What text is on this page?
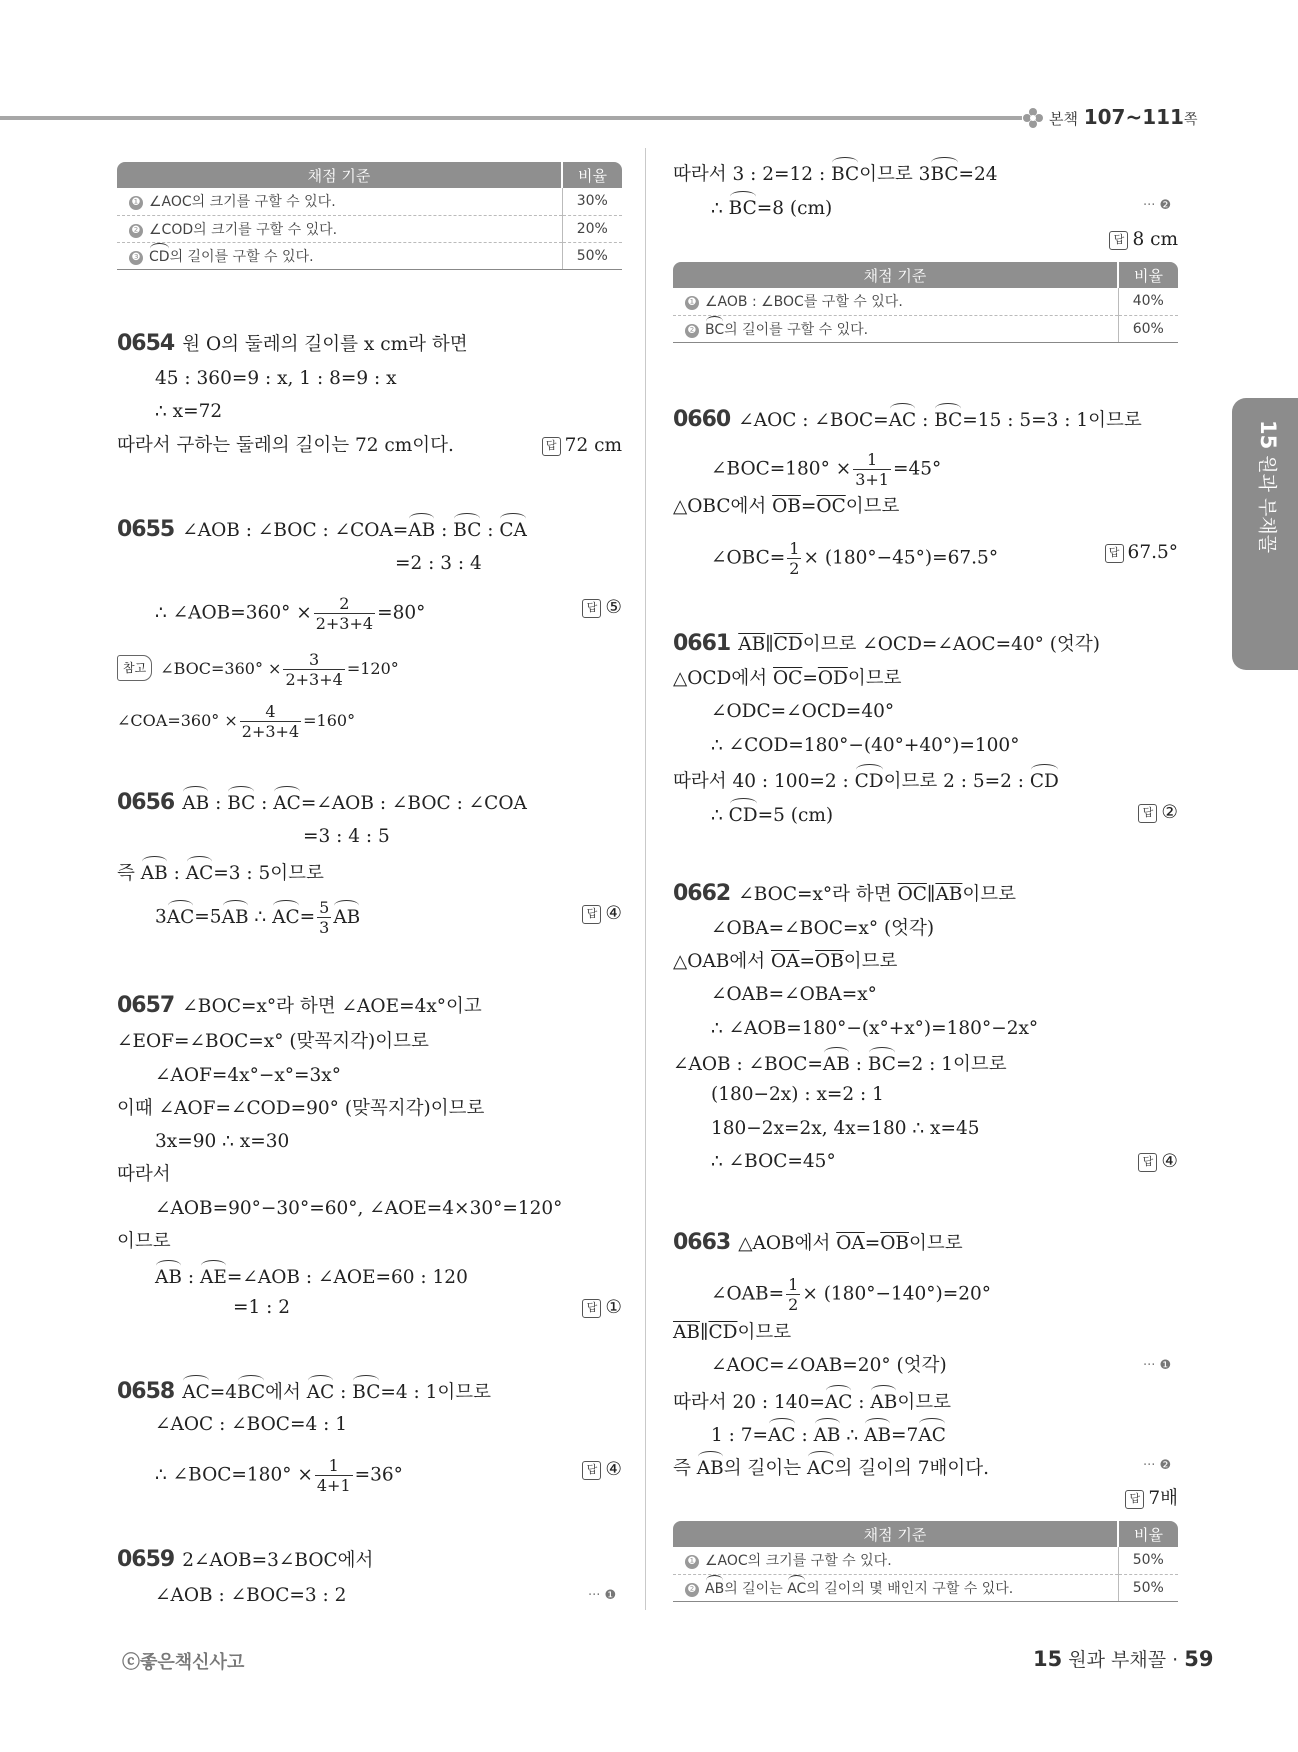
본책 107~111쪽
15 원과 부채꼴
채점 기준	비율
❶ ∠AOC의 크기를 구할 수 있다.	30%
❷ ∠COD의 크기를 구할 수 있다.	20%
❸ CD의 길이를 구할 수 있다.	50%
0654 원 O의 둘레의 길이를 x cm라 하면
45 : 360=9 : x, 1 : 8=9 : x
∴ x=72
따라서 구하는 둘레의 길이는 72 cm이다.	답 72 cm
0655 ∠AOB : ∠BOC : ∠COA=AB : BC : CA
=2 : 3 : 4
∴ ∠AOB=360° × $\frac{2}{2+3+4} =80^\circ$	답 ⑤
참고 ∠BOC=360° × $\frac{3}{2+3+4} =120^\circ$
∠COA=360° × $\frac{4}{2+3+4} =160^\circ$
0656 AB : BC : AC=∠AOB : ∠BOC : ∠COA
=3 : 4 : 5
즉 AB : AC=3 : 5이므로
3AC=5AB ∴ $AC= \frac{5}{3}$ AB	답 ④
0657 ∠BOC=x°라 하면 ∠AOE=4x°이고
∠EOF=∠BOC=x° (맞꼭지각)이므로
∠AOF=4x°−x°=3x°
이때 ∠AOF=∠COD=90° (맞꼭지각)이므로
3x=90 ∴ x=30
따라서
∠AOB=90°−30°=60°, ∠AOE=4×30°=120°
이므로
AB : AE=∠AOB : ∠AOE=60 : 120
=1 : 2	답 ①
0658 AC=4BC에서 AC : BC=4 : 1이므로
∠AOC : ∠BOC=4 : 1
∴ ∠BOC=180° × $\frac{1}{4+1} =36^\circ$	답 ④
0659 2∠AOB=3∠BOC에서
∠AOB : ∠BOC=3 : 2	··· ❶
따라서 3 : 2=12 : BC이므로 3BC=24
∴ BC=8 (cm)	··· ❷
답 8 cm
채점 기준	비율
❶ ∠AOB : ∠BOC를 구할 수 있다.	40%
❷ BC의 길이를 구할 수 있다.	60%
0660 ∠AOC : ∠BOC=AC : BC=15 : 5=3 : 1이므로
∠BOC=180° × $\frac{1}{3+1} =45^\circ$
△OBC에서 $\overline{OB}=\overline{OC}$이므로
∠OBC= $\frac{1}{2} \times (180^\circ-45^\circ)=67.5^\circ$	답 67.5°
0661 $\overline{AB}\parallel\overline{CD}$이므로 ∠OCD=∠AOC=40° (엇각)
△OCD에서 $\overline{OC}=\overline{OD}$이므로
∠ODC=∠OCD=40°
∴ ∠COD=180°−(40°+40°)=100°
따라서 40 : 100=2 : CD이므로 2 : 5=2 : CD
∴ CD=5 (cm)	답 ②
0662 ∠BOC=x°라 하면 $\overline{OC}\parallel\overline{AB}$이므로
∠OBA=∠BOC=x° (엇각)
△OAB에서 $\overline{OA}=\overline{OB}$이므로
∠OAB=∠OBA=x°
∴ ∠AOB=180°−(x°+x°)=180°−2x°
∠AOB : ∠BOC=AB : BC=2 : 1이므로
(180−2x) : x=2 : 1
180−2x=2x, 4x=180 ∴ x=45
∴ ∠BOC=45°	답 ④
0663 △AOB에서 $\overline{OA}=\overline{OB}$이므로
∠OAB= $\frac{1}{2} \times (180^\circ-140^\circ)=20^\circ$
$\overline{AB}\parallel\overline{CD}$이므로
∠AOC=∠OAB=20° (엇각)	··· ❶
따라서 20 : 140=AC : AB이므로
1 : 7=AC : AB ∴ AB=7AC
즉 AB의 길이는 AC의 길이의 7배이다.	··· ❷
답 7배
채점 기준	비율
❶ ∠AOC의 크기를 구할 수 있다.	50%
❷ AB의 길이는 AC의 길이의 몇 배인지 구할 수 있다.	50%
ⓒ좋은책신사고	15 원과 부채꼴 · 59
